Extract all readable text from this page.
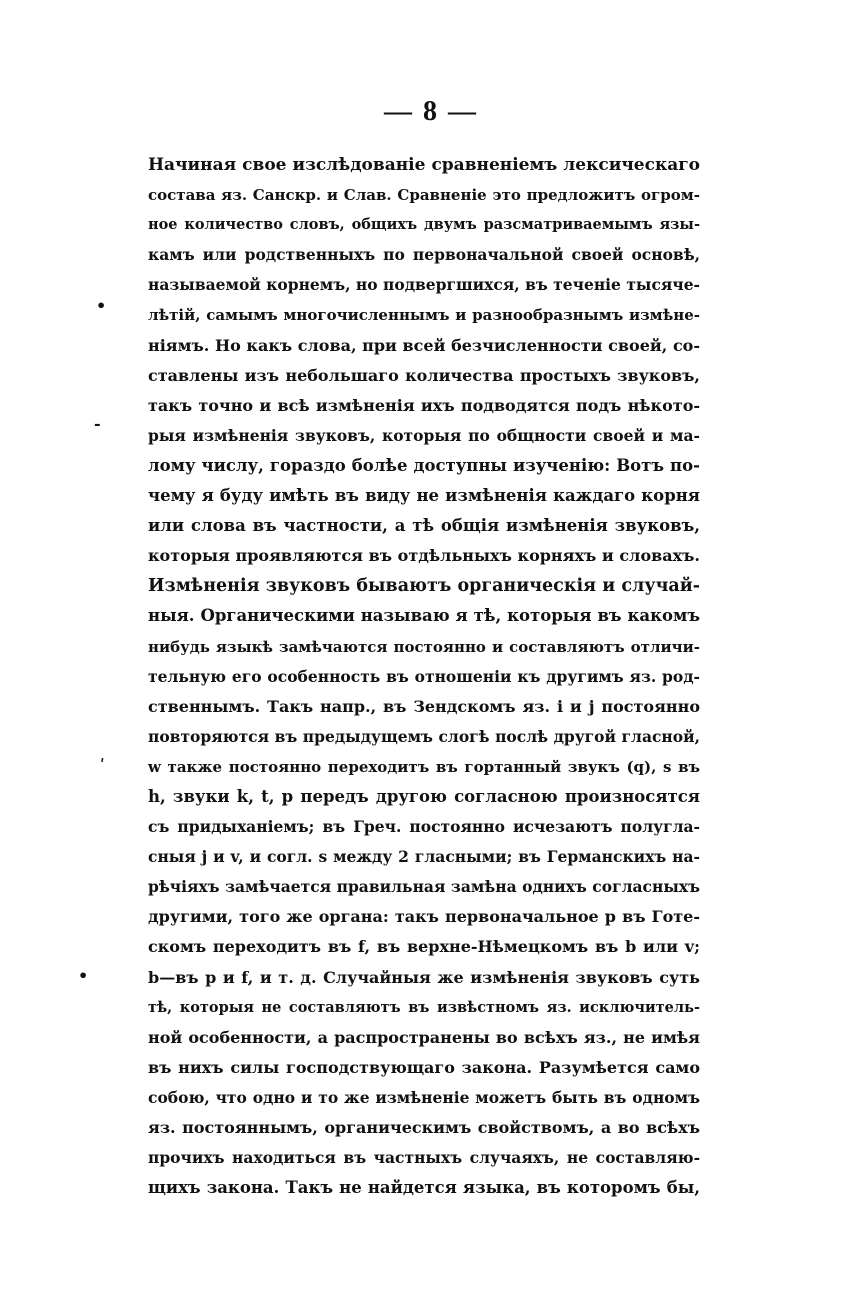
— 8 —
Начиная свое изслѣдованіе сравненіемъ лексическаго
состава яз. Санскр. и Слав. Сравненіе это предложитъ огром-
ное количество словъ, общихъ двумъ разсматриваемымъ язы-
камъ или родственныхъ по первоначальной своей основѣ,
называемой корнемъ, но подвергшихся, въ теченіе тысяче-
лѣтій, самымъ многочисленнымъ и разнообразнымъ измѣне-
ніямъ. Но какъ слова, при всей безчисленности своей, со-
ставлены изъ небольшаго количества простыхъ звуковъ,
такъ точно и всѣ измѣненія ихъ подводятся подъ нѣкото-
рыя измѣненія звуковъ, которыя по общности своей и ма-
лому числу, гораздо болѣе доступны изученію: Вотъ по-
чему я буду имѣть въ виду не измѣненія каждаго корня
или слова въ частности, а тѣ общія измѣненія звуковъ,
которыя проявляются въ отдѣльныхъ корняхъ и словахъ.
Измѣненія звуковъ бываютъ органическія и случай-
ныя. Органическими называю я тѣ, которыя въ какомъ
нибудь языкѣ замѣчаются постоянно и составляютъ отличи-
тельную его особенность въ отношеніи къ другимъ яз. род-
ственнымъ. Такъ напр., въ Зендскомъ яз. i и j постоянно
повторяются въ предыдущемъ слогѣ послѣ другой гласной,
w также постоянно переходитъ въ гортанный звукъ (q), s въ
h, звуки k, t, p передъ другою согласною произносятся
съ придыханіемъ; въ Греч. постоянно исчезаютъ полугла-
сныя j и v, и согл. s между 2 гласными; въ Германскихъ на-
рѣчіяхъ замѣчается правильная замѣна однихъ согласныхъ
другими, того же органа: такъ первоначальное p въ Готе-
скомъ переходитъ въ f, въ верхне-Нѣмецкомъ въ b или v;
b—въ p и f, и т. д. Случайныя же измѣненія звуковъ суть
тѣ, которыя не составляютъ въ извѣстномъ яз. исключитель-
ной особенности, а распространены во всѣхъ яз., не имѣя
въ нихъ силы господствующаго закона. Разумѣется само
собою, что одно и то же измѣненіе можетъ быть въ одномъ
яз. постояннымъ, органическимъ свойствомъ, а во всѣхъ
прочихъ находиться въ частныхъ случаяхъ, не составляю-
щихъ закона. Такъ не найдется языка, въ которомъ бы,
•
-
ʹ
•
